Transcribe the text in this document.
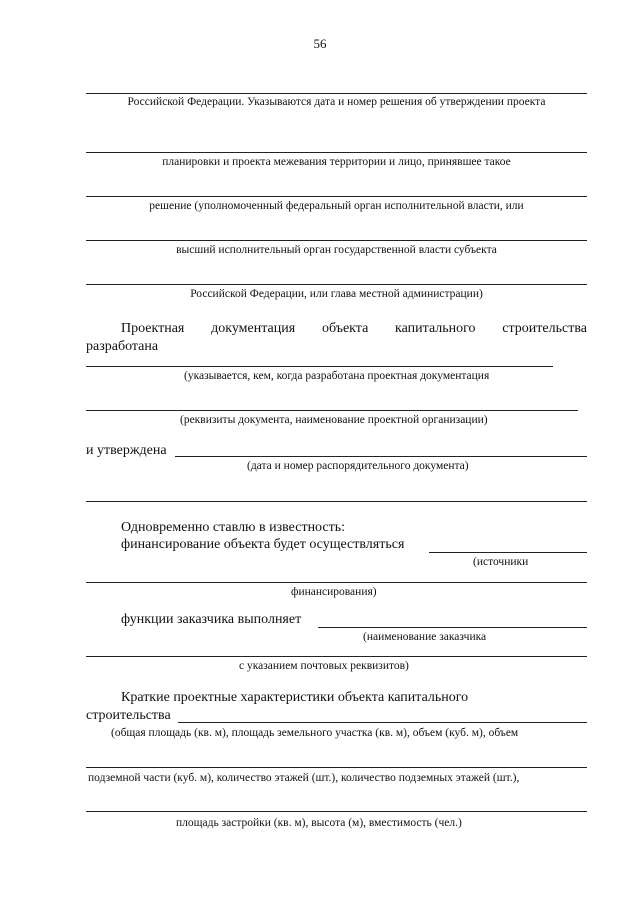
56
Российской Федерации. Указываются дата и номер решения об утверждении проекта
планировки и проекта межевания территории и лицо, принявшее такое
решение (уполномоченный федеральный орган исполнительной власти, или
высший исполнительный орган государственной власти субъекта
Российской Федерации, или глава местной администрации)
Проектная документация объекта капитального строительства
разработана
(указывается, кем, когда разработана проектная документация
(реквизиты документа, наименование проектной организации)
и утверждена
(дата и номер распорядительного документа)
Одновременно ставлю в известность:
финансирование объекта будет осуществляться
(источники
финансирования)
функции заказчика выполняет
(наименование заказчика
с указанием почтовых реквизитов)
Краткие проектные характеристики объекта капитального
строительства
(общая площадь (кв. м), площадь земельного участка (кв. м), объем (куб. м), объем
подземной части (куб. м), количество этажей (шт.), количество подземных этажей (шт.),
площадь застройки (кв. м), высота (м), вместимость (чел.)
